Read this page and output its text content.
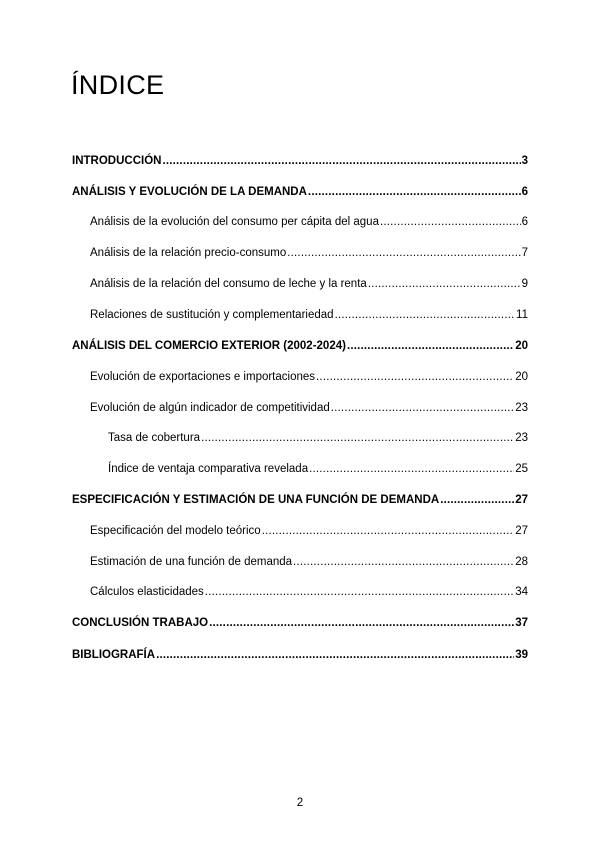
ÍNDICE
INTRODUCCIÓN .....	3
ANÁLISIS Y EVOLUCIÓN DE LA DEMANDA .....	6
Análisis de la evolución del consumo per cápita del agua .....	6
Análisis de la relación precio-consumo .....	7
Análisis de la relación del consumo de leche y la renta .....	9
Relaciones de sustitución y complementariedad .....	11
ANÁLISIS DEL COMERCIO EXTERIOR (2002-2024) .....	20
Evolución de exportaciones e importaciones .....	20
Evolución de algún indicador de competitividad .....	23
Tasa de cobertura .....	23
Índice de ventaja comparativa revelada .....	25
ESPECIFICACIÓN Y ESTIMACIÓN DE UNA FUNCIÓN DE DEMANDA .....	27
Especificación del modelo teórico .....	27
Estimación de una función de demanda .....	28
Cálculos elasticidades .....	34
CONCLUSIÓN TRABAJO .....	37
BIBLIOGRAFÍA .....	39
2
